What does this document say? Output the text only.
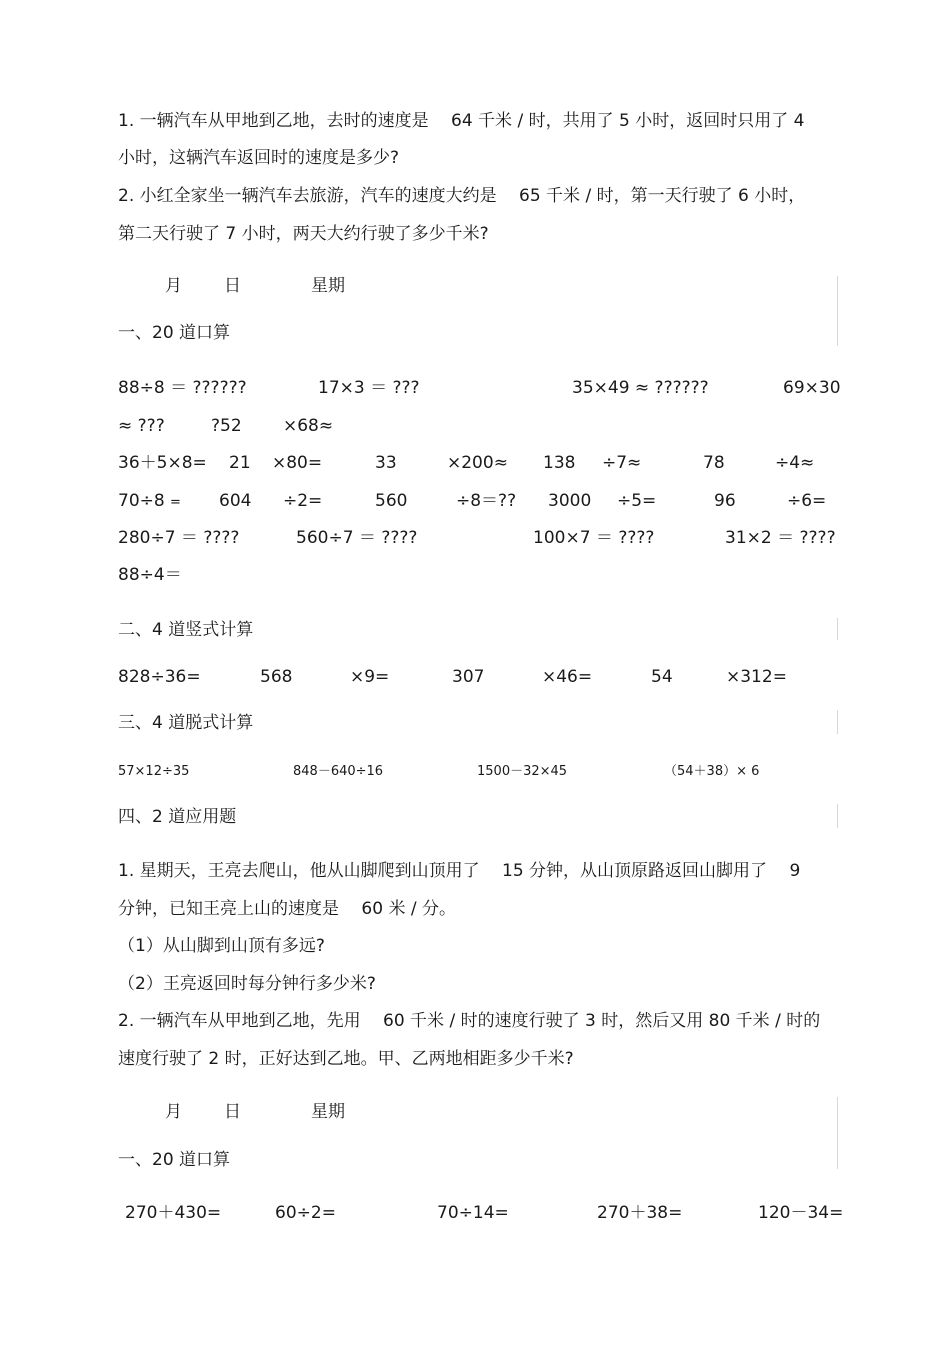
1. 一辆汽车从甲地到乙地，去时的速度是　 64 千米 / 时，共用了 5 小时，返回时只用了 4
小时，这辆汽车返回时的速度是多少?
2. 小红全家坐一辆汽车去旅游，汽车的速度大约是　 65 千米 / 时，第一天行驶了 6 小时，
第二天行驶了 7 小时，两天大约行驶了多少千米?
月 日	星期
一、20 道口算
88÷8 ＝ ??????	17×3 ＝ ???	35×49 ≈ ??????	69×30
≈ ???	?52 ×68≈
36＋5×8= 21 ×80=	33	×200≈ 138 ÷7≈	78	÷4≈
70÷8 = 604 ÷2=	560	÷8＝?? 3000 ÷5=	96	÷6=
280÷7 ＝ ????	560÷7 ＝ ????	100×7 ＝ ????	31×2 ＝ ????
88÷4＝
二、4 道竖式计算
828÷36=	568	×9=	307	×46=	54	×312=
三、4 道脱式计算
57×12÷35	848－640÷16	1500－32×45	（54＋38）× 6
四、2 道应用题
1. 星期天，王亮去爬山，他从山脚爬到山顶用了　 15 分钟，从山顶原路返回山脚用了　 9
分钟，已知王亮上山的速度是　 60 米 / 分。
（1）从山脚到山顶有多远?
（2）王亮返回时每分钟行多少米?
2. 一辆汽车从甲地到乙地，先用　 60 千米 / 时的速度行驶了 3 时，然后又用 80 千米 / 时的
速度行驶了 2 时，正好达到乙地。甲、乙两地相距多少千米?
月 日	星期
一、20 道口算
270＋430=	60÷2=	70÷14=	270＋38=	120－34=
